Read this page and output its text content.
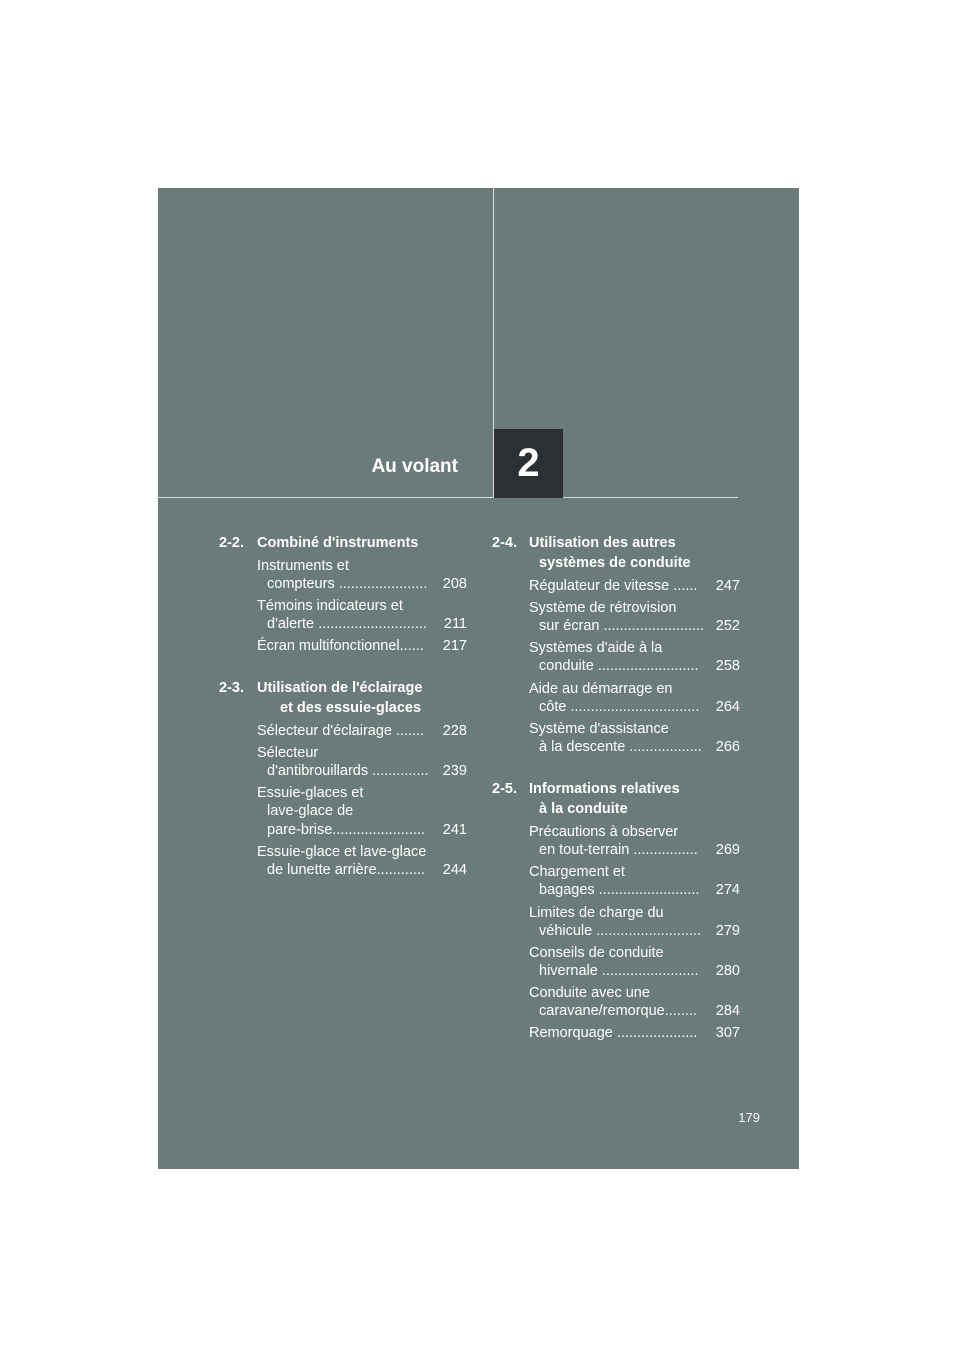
2
Au volant
2-2. Combiné d'instruments
Instruments et
compteurs ......................	208
Témoins indicateurs et
d'alerte ...........................	211
Écran multifonctionnel......	217
2-3. Utilisation de l'éclairage
et des essuie-glaces
Sélecteur d'éclairage .......	228
Sélecteur
d'antibrouillards .............. 239
Essuie-glaces et
lave-glace de
pare-brise.......................	241
Essuie-glace et lave-glace
de lunette arrière............	244
2-4. Utilisation des autres
systèmes de conduite
Régulateur de vitesse ......	247
Système de rétrovision
sur écran ......................... 252
Systèmes d'aide à la
conduite .........................	258
Aide au démarrage en
côte ................................	264
Système d'assistance
à la descente .................. 266
2-5. Informations relatives
à la conduite
Précautions à observer
en tout-terrain ................	269
Chargement et
bagages .........................	274
Limites de charge du
véhicule ..........................	279
Conseils de conduite
hivernale ........................	280
Conduite avec une
caravane/remorque........	284
Remorquage ....................	307
179
